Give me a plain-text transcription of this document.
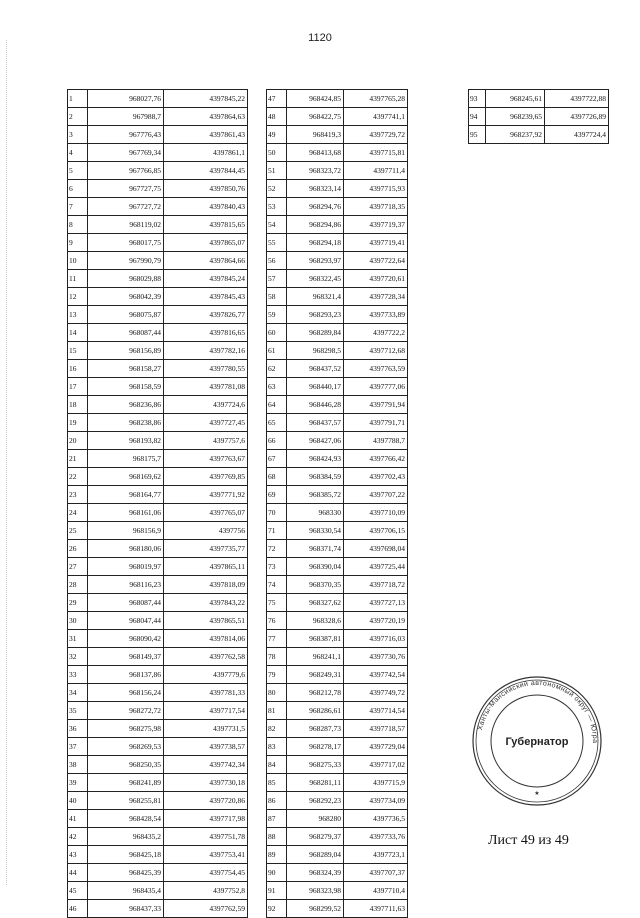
1120
1	968027,76	4397845,22
2	967988,7	4397864,63
3	967776,43	4397861,43
4	967769,34	4397861,1
5	967766,85	4397844,45
6	967727,75	4397850,76
7	967727,72	4397840,43
8	968119,02	4397815,65
9	968017,75	4397865,07
10	967990,79	4397864,66
11	968029,88	4397845,24
12	968042,39	4397845,43
13	968075,87	4397826,77
14	968087,44	4397816,65
15	968156,89	4397782,16
16	968158,27	4397780,55
17	968158,59	4397781,08
18	968236,86	4397724,6
19	968238,86	4397727,45
20	968193,82	4397757,6
21	968175,7	4397763,67
22	968169,62	4397769,85
23	968164,77	4397771,92
24	968161,06	4397765,07
25	968156,9	4397756
26	968180,06	4397735,77
27	968019,97	4397865,11
28	968116,23	4397818,09
29	968087,44	4397843,22
30	968047,44	4397865,51
31	968090,42	4397814,06
32	968149,37	4397762,58
33	968137,86	4397779,6
34	968156,24	4397781,33
35	968272,72	4397717,54
36	968275,98	4397731,5
37	968269,53	4397738,57
38	968250,35	4397742,34
39	968241,89	4397730,18
40	968255,81	4397720,86
41	968428,54	4397717,98
42	968435,2	4397751,78
43	968425,18	4397753,41
44	968425,39	4397754,45
45	968435,4	4397752,8
46	968437,33	4397762,59
47	968424,85	4397765,28
48	968422,75	4397741,1
49	968419,3	4397729,72
50	968413,68	4397715,81
51	968323,72	4397711,4
52	968323,14	4397715,93
53	968294,76	4397718,35
54	968294,86	4397719,37
55	968294,18	4397719,41
56	968293,97	4397722,64
57	968322,45	4397720,61
58	968321,4	4397728,34
59	968293,23	4397733,89
60	968289,84	4397722,2
61	968298,5	4397712,68
62	968437,52	4397763,59
63	968440,17	4397777,06
64	968446,28	4397791,94
65	968437,57	4397791,71
66	968427,06	4397788,7
67	968424,93	4397766,42
68	968384,59	4397702,43
69	968385,72	4397707,22
70	968330	4397710,09
71	968330,54	4397706,15
72	968371,74	4397698,04
73	968390,04	4397725,44
74	968370,35	4397718,72
75	968327,62	4397727,13
76	968328,6	4397720,19
77	968387,81	4397716,03
78	968241,1	4397730,76
79	968249,31	4397742,54
80	968212,78	4397749,72
81	968286,61	4397714,54
82	968287,73	4397718,57
83	968278,17	4397729,04
84	968275,33	4397717,02
85	968281,11	4397715,9
86	968292,23	4397734,09
87	968280	4397736,5
88	968279,37	4397733,76
89	968289,04	4397723,1
90	968324,39	4397707,37
91	968323,98	4397710,4
92	968299,52	4397711,63
93	968245,61	4397722,88
94	968239,65	4397726,89
95	968237,92	4397724,4
Ханты-Мансийский автономный округ — Югра
Губернатор
★
Лист 49 из 49
